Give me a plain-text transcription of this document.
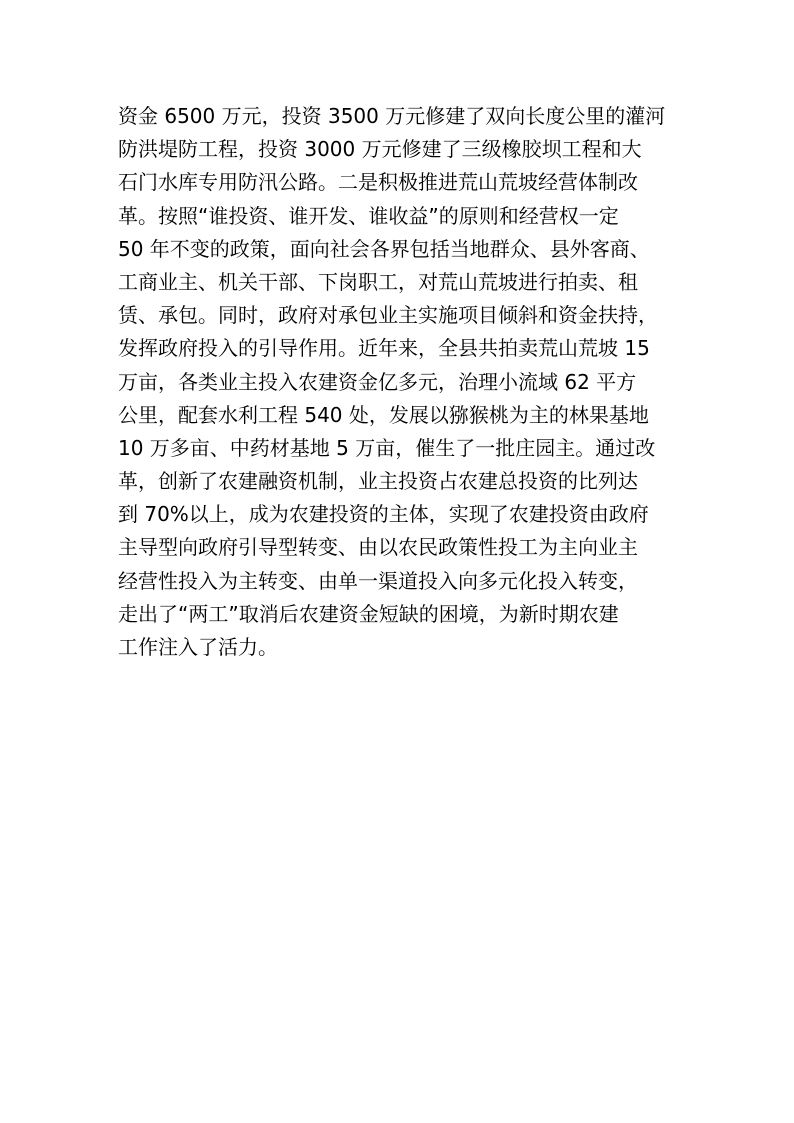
资金 6500 万元，投资 3500 万元修建了双向长度公里的灌河
防洪堤防工程，投资 3000 万元修建了三级橡胶坝工程和大
石门水库专用防汛公路。二是积极推进荒山荒坡经营体制改
革。按照“谁投资、谁开发、谁收益”的原则和经营权一定
50 年不变的政策，面向社会各界包括当地群众、县外客商、
工商业主、机关干部、下岗职工，对荒山荒坡进行拍卖、租
赁、承包。同时，政府对承包业主实施项目倾斜和资金扶持，
发挥政府投入的引导作用。近年来，全县共拍卖荒山荒坡 15
万亩，各类业主投入农建资金亿多元，治理小流域 62 平方
公里，配套水利工程 540 处，发展以猕猴桃为主的林果基地
10 万多亩、中药材基地 5 万亩，催生了一批庄园主。通过改
革，创新了农建融资机制，业主投资占农建总投资的比列达
到 70%以上，成为农建投资的主体，实现了农建投资由政府
主导型向政府引导型转变、由以农民政策性投工为主向业主
经营性投入为主转变、由单一渠道投入向多元化投入转变，
走出了“两工”取消后农建资金短缺的困境，为新时期农建
工作注入了活力。
